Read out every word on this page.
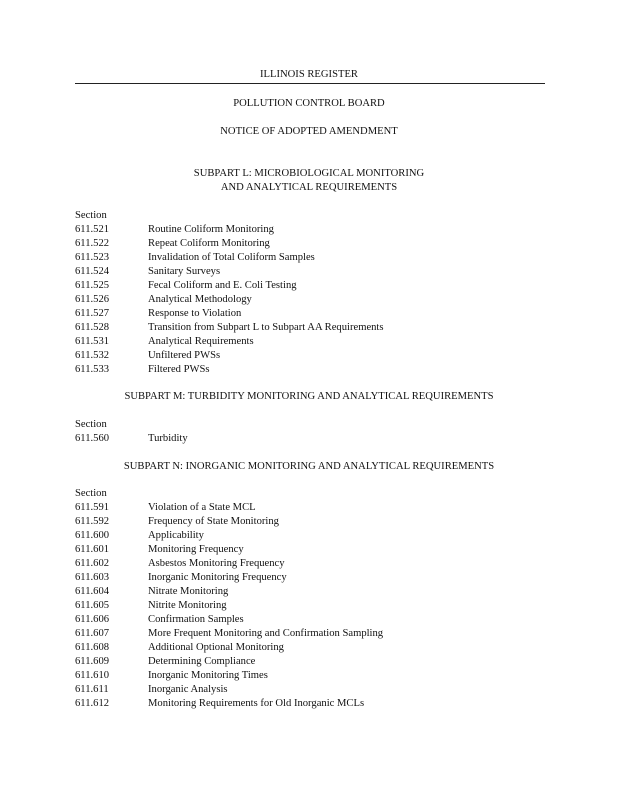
ILLINOIS REGISTER
POLLUTION CONTROL BOARD
NOTICE OF ADOPTED AMENDMENT
SUBPART L: MICROBIOLOGICAL MONITORING
AND ANALYTICAL REQUIREMENTS
Section
611.521	Routine Coliform Monitoring
611.522	Repeat Coliform Monitoring
611.523	Invalidation of Total Coliform Samples
611.524	Sanitary Surveys
611.525	Fecal Coliform and E. Coli Testing
611.526	Analytical Methodology
611.527	Response to Violation
611.528	Transition from Subpart L to Subpart AA Requirements
611.531	Analytical Requirements
611.532	Unfiltered PWSs
611.533	Filtered PWSs
SUBPART M: TURBIDITY MONITORING AND ANALYTICAL REQUIREMENTS
Section
611.560	Turbidity
SUBPART N: INORGANIC MONITORING AND ANALYTICAL REQUIREMENTS
Section
611.591	Violation of a State MCL
611.592	Frequency of State Monitoring
611.600	Applicability
611.601	Monitoring Frequency
611.602	Asbestos Monitoring Frequency
611.603	Inorganic Monitoring Frequency
611.604	Nitrate Monitoring
611.605	Nitrite Monitoring
611.606	Confirmation Samples
611.607	More Frequent Monitoring and Confirmation Sampling
611.608	Additional Optional Monitoring
611.609	Determining Compliance
611.610	Inorganic Monitoring Times
611.611	Inorganic Analysis
611.612	Monitoring Requirements for Old Inorganic MCLs
